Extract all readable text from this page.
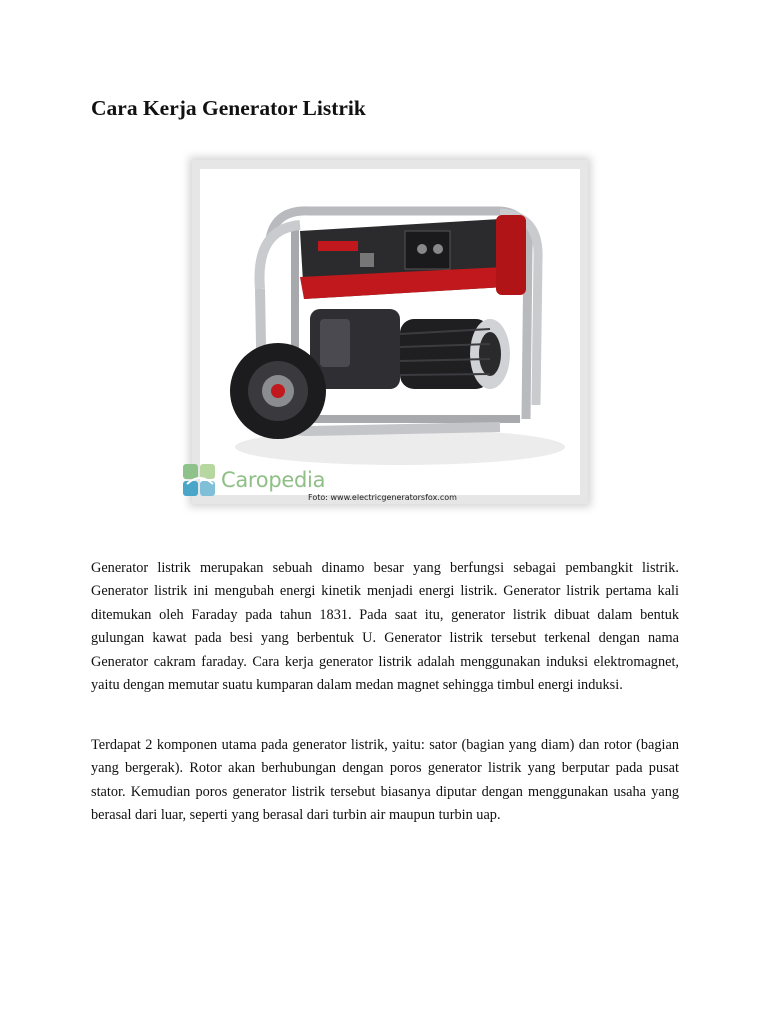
Cara Kerja Generator Listrik
Caropedia
Foto: www.electricgeneratorsfox.com

Generator listrik merupakan sebuah dinamo besar yang berfungsi sebagai pembangkit listrik. Generator listrik ini mengubah energi kinetik menjadi energi listrik. Generator listrik pertama kali ditemukan oleh Faraday pada tahun 1831. Pada saat itu, generator listrik dibuat dalam bentuk gulungan kawat pada besi yang berbentuk U. Generator listrik tersebut terkenal dengan nama Generator cakram faraday. Cara kerja generator listrik adalah menggunakan induksi elektromagnet, yaitu dengan memutar suatu kumparan dalam medan magnet sehingga timbul energi induksi.

Terdapat 2 komponen utama pada generator listrik, yaitu: sator (bagian yang diam) dan rotor (bagian yang bergerak). Rotor akan berhubungan dengan poros generator listrik yang berputar pada pusat stator. Kemudian poros generator listrik tersebut biasanya diputar dengan menggunakan usaha yang berasal dari luar, seperti yang berasal dari turbin air maupun turbin uap.
